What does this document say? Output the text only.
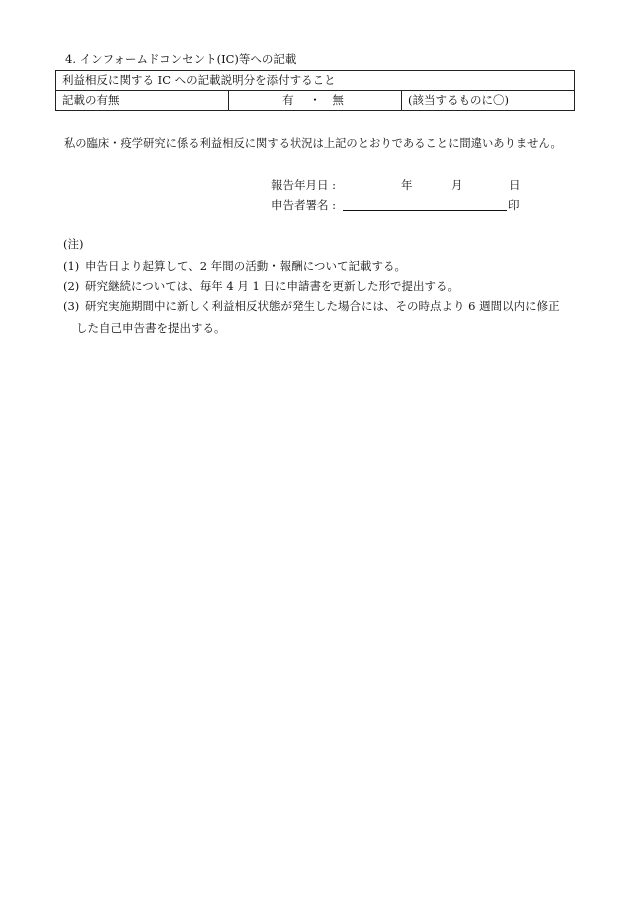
4. インフォームドコンセント(IC)等への記載
利益相反に関する IC への記載説明分を添付すること
記載の有無	有 ・ 無	(該当するものに〇)
私の臨床・疫学研究に係る利益相反に関する状況は上記のとおりであることに間違いありません。
報告年月日 :	年	月	日
申告者署名 :	印
(注)
(1) 申告日より起算して、2 年間の活動・報酬について記載する。
(2) 研究継続については、毎年 4 月 1 日に申請書を更新した形で提出する。
(3) 研究実施期間中に新しく利益相反状態が発生した場合には、その時点より 6 週間以内に修正
した自己申告書を提出する。
